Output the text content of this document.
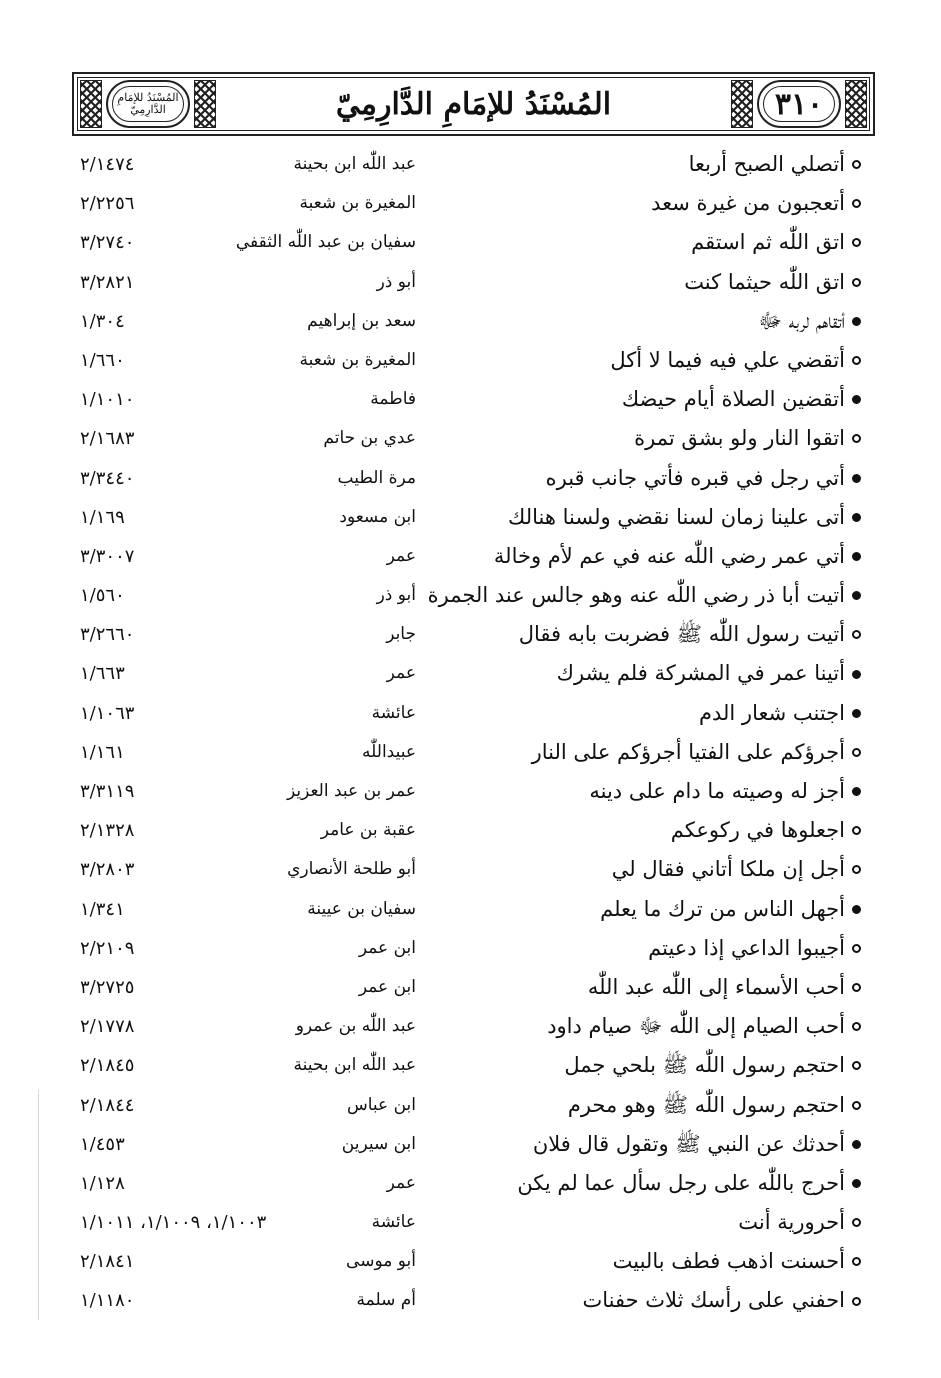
المُسْنَدُ للإمَامِ الدَّارِمِيّ	المُسْنَدُ للإمَامِ الدَّارِمِيّ	٣١٠
أتصلي الصبح أربعا
عبد اللّٰه ابن بحينة
٢/١٤٧٤
أتعجبون من غيرة سعد
المغيرة بن شعبة
٢/٢٢٥٦
اتق اللّٰه ثم استقم
سفيان بن عبد اللّٰه الثقفي
٣/٢٧٤٠
اتق اللّٰه حيثما كنت
أبو ذر
٣/٢٨٢١
أتقاهم لربه ﷻ
سعد بن إبراهيم
١/٣٠٤
أتقضي علي فيه فيما لا أكل
المغيرة بن شعبة
١/٦٦٠
أتقضين الصلاة أيام حيضك
فاطمة
١/١٠١٠
اتقوا النار ولو بشق تمرة
عدي بن حاتم
٢/١٦٨٣
أتي رجل في قبره فأتي جانب قبره
مرة الطيب
٣/٣٤٤٠
أتى علينا زمان لسنا نقضي ولسنا هنالك
ابن مسعود
١/١٦٩
أتي عمر رضي اللّٰه عنه في عم لأم وخالة
عمر
٣/٣٠٠٧
أتيت أبا ذر رضي اللّٰه عنه وهو جالس عند الجمرة
أبو ذر
١/٥٦٠
أتيت رسول اللّٰه ﷺ فضربت بابه فقال
جابر
٣/٢٦٦٠
أتينا عمر في المشركة فلم يشرك
عمر
١/٦٦٣
اجتنب شعار الدم
عائشة
١/١٠٦٣
أجرؤكم على الفتيا أجرؤكم على النار
عبيداللّٰه
١/١٦١
أجز له وصيته ما دام على دينه
عمر بن عبد العزيز
٣/٣١١٩
اجعلوها في ركوعكم
عقبة بن عامر
٢/١٣٢٨
أجل إن ملكا أتاني فقال لي
أبو طلحة الأنصاري
٣/٢٨٠٣
أجهل الناس من ترك ما يعلم
سفيان بن عيينة
١/٣٤١
أجيبوا الداعي إذا دعيتم
ابن عمر
٢/٢١٠٩
أحب الأسماء إلى اللّٰه عبد اللّٰه
ابن عمر
٣/٢٧٢٥
أحب الصيام إلى اللّٰه ﷻ صيام داود
عبد اللّٰه بن عمرو
٢/١٧٧٨
احتجم رسول اللّٰه ﷺ بلحي جمل
عبد اللّٰه ابن بحينة
٢/١٨٤٥
احتجم رسول اللّٰه ﷺ وهو محرم
ابن عباس
٢/١٨٤٤
أحدثك عن النبي ﷺ وتقول قال فلان
ابن سيرين
١/٤٥٣
أحرج باللّٰه على رجل سأل عما لم يكن
عمر
١/١٢٨
أحرورية أنت
عائشة
١/١٠٠٣، ١/١٠٠٩، ١/١٠١١
أحسنت اذهب فطف بالبيت
أبو موسى
٢/١٨٤١
احفني على رأسك ثلاث حفنات
أم سلمة
١/١١٨٠
